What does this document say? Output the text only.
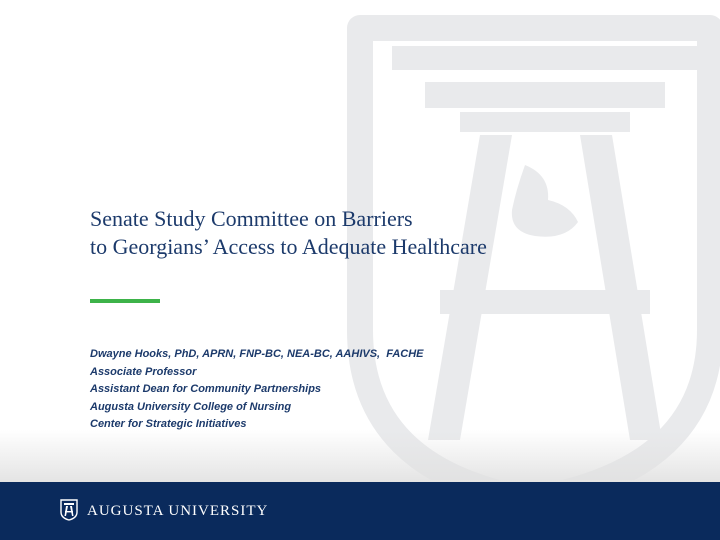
Senate Study Committee on Barriers
to Georgians’ Access to Adequate Healthcare
Dwayne Hooks, PhD, APRN, FNP-BC, NEA-BC, AAHIVS,  FACHE
Associate Professor
Assistant Dean for Community Partnerships
Augusta University College of Nursing
Center for Strategic Initiatives
AUGUSTA UNIVERSITY
